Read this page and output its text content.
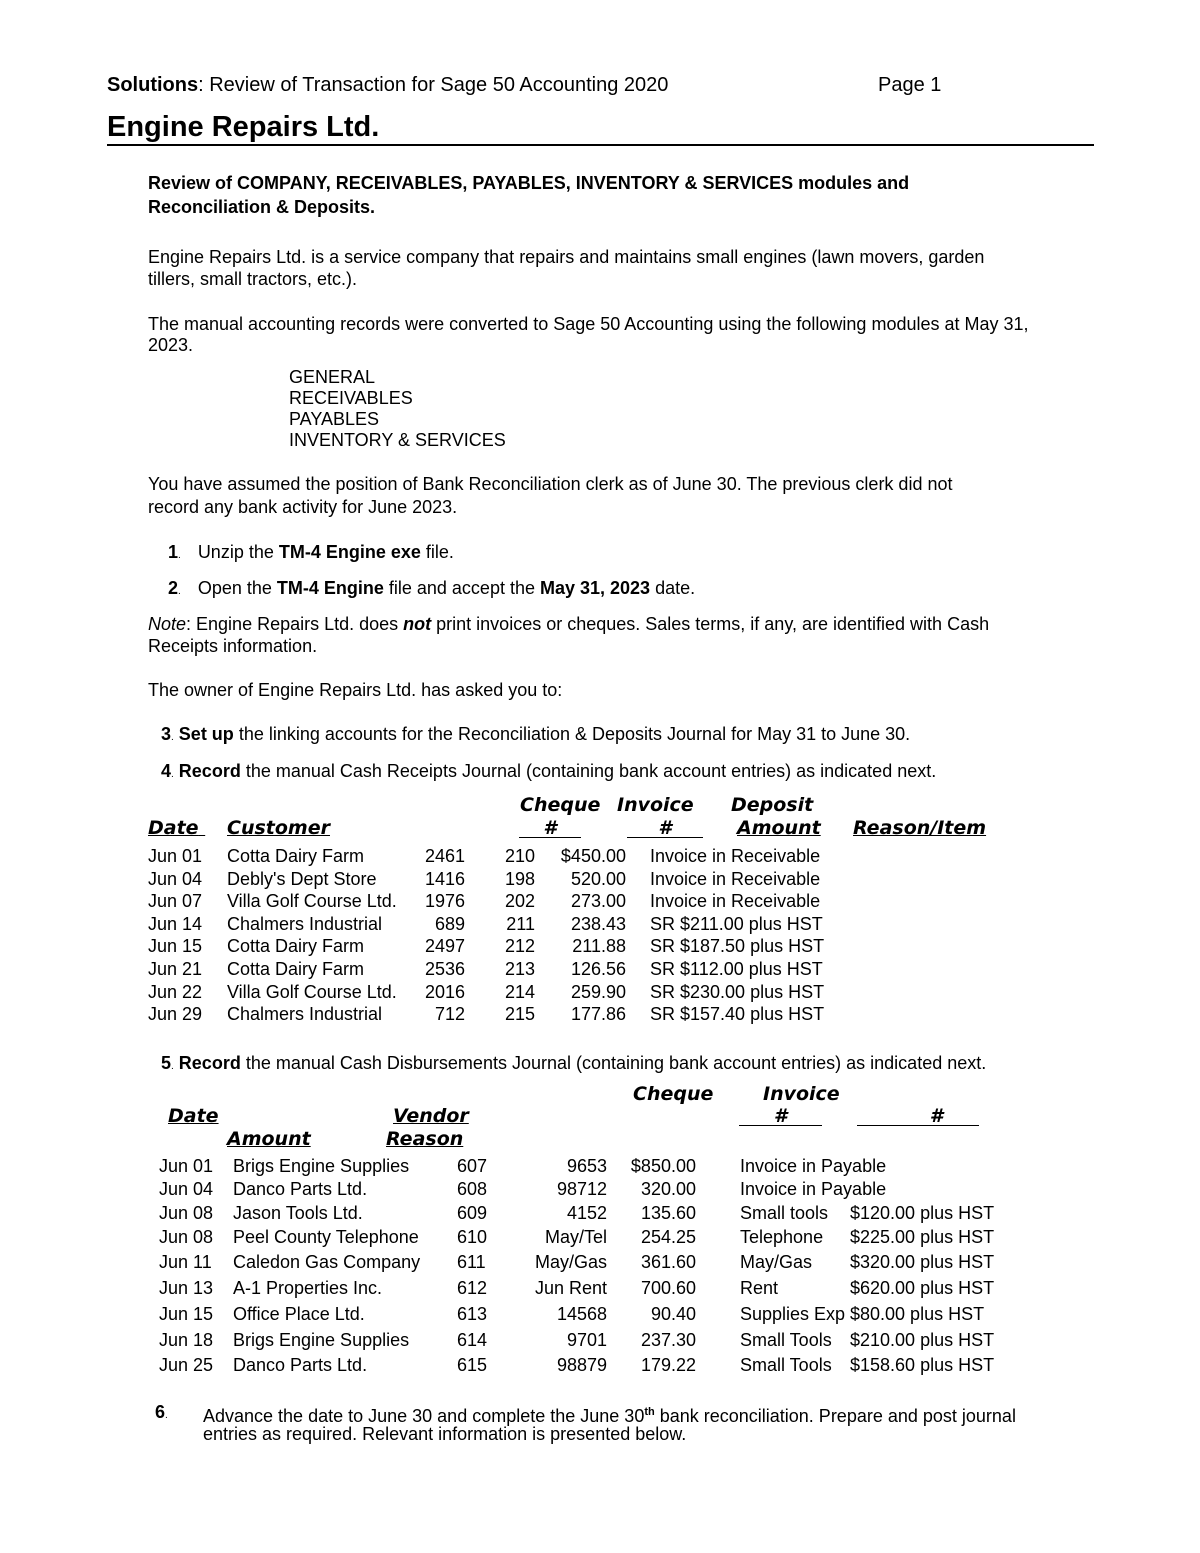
Solutions: Review of Transaction for Sage 50 Accounting 2020	Page 1
Engine Repairs Ltd.
Review of COMPANY, RECEIVABLES, PAYABLES, INVENTORY & SERVICES modules and
Reconciliation & Deposits.
Engine Repairs Ltd. is a service company that repairs and maintains small engines (lawn movers, garden
tillers, small tractors, etc.).
The manual accounting records were converted to Sage 50 Accounting using the following modules at May 31,
2023.
GENERAL
RECEIVABLES
PAYABLES
INVENTORY & SERVICES
You have assumed the position of Bank Reconciliation clerk as of June 30. The previous clerk did not
record any bank activity for June 2023.
1. Unzip the TM-4 Engine exe file.
2. Open the TM-4 Engine file and accept the May 31, 2023 date.
Note: Engine Repairs Ltd. does not print invoices or cheques. Sales terms, if any, are identified with Cash
Receipts information.
The owner of Engine Repairs Ltd. has asked you to:
3. Set up the linking accounts for the Reconciliation & Deposits Journal for May 31 to June 30.
4. Record the manual Cash Receipts Journal (containing bank account entries) as indicated next.
Cheque Invoice Deposit
Date	Customer	#	#	Amount Reason/Item
Jun 01	Cotta Dairy Farm	2461	210	$450.00 Invoice in Receivable
Jun 04	Debly's Dept Store	1416	198	520.00 Invoice in Receivable
Jun 07	Villa Golf Course Ltd.	1976	202	273.00 Invoice in Receivable
Jun 14	Chalmers Industrial	689	211	238.43 SR $211.00 plus HST
Jun 15	Cotta Dairy Farm	2497	212	211.88 SR $187.50 plus HST
Jun 21	Cotta Dairy Farm	2536	213	126.56 SR $112.00 plus HST
Jun 22	Villa Golf Course Ltd.	2016	214	259.90 SR $230.00 plus HST
Jun 29	Chalmers Industrial	712	215	177.86 SR $157.40 plus HST
5. Record the manual Cash Disbursements Journal (containing bank account entries) as indicated next.
Cheque	Invoice
Date	Vendor	#	#
Amount	Reason
Jun 01	Brigs Engine Supplies	607	9653	$850.00 Invoice in Payable
Jun 04	Danco Parts Ltd.	608	98712	320.00 Invoice in Payable
Jun 08	Jason Tools Ltd.	609	4152	135.60 Small tools	$120.00 plus HST
Jun 08	Peel County Telephone	610	May/Tel	254.25 Telephone	$225.00 plus HST
Jun 11	Caledon Gas Company	611	May/Gas	361.60 May/Gas	$320.00 plus HST
Jun 13	A-1 Properties Inc.	612	Jun Rent	700.60 Rent	$620.00 plus HST
Jun 15	Office Place Ltd.	613	14568	90.40 Supplies Exp $80.00 plus HST
Jun 18	Brigs Engine Supplies	614	9701	237.30 Small Tools	$210.00 plus HST
Jun 25	Danco Parts Ltd.	615	98879	179.22 Small Tools	$158.60 plus HST
6. Advance the date to June 30 and complete the June 30th bank reconciliation. Prepare and post journal
entries as required. Relevant information is presented below.
